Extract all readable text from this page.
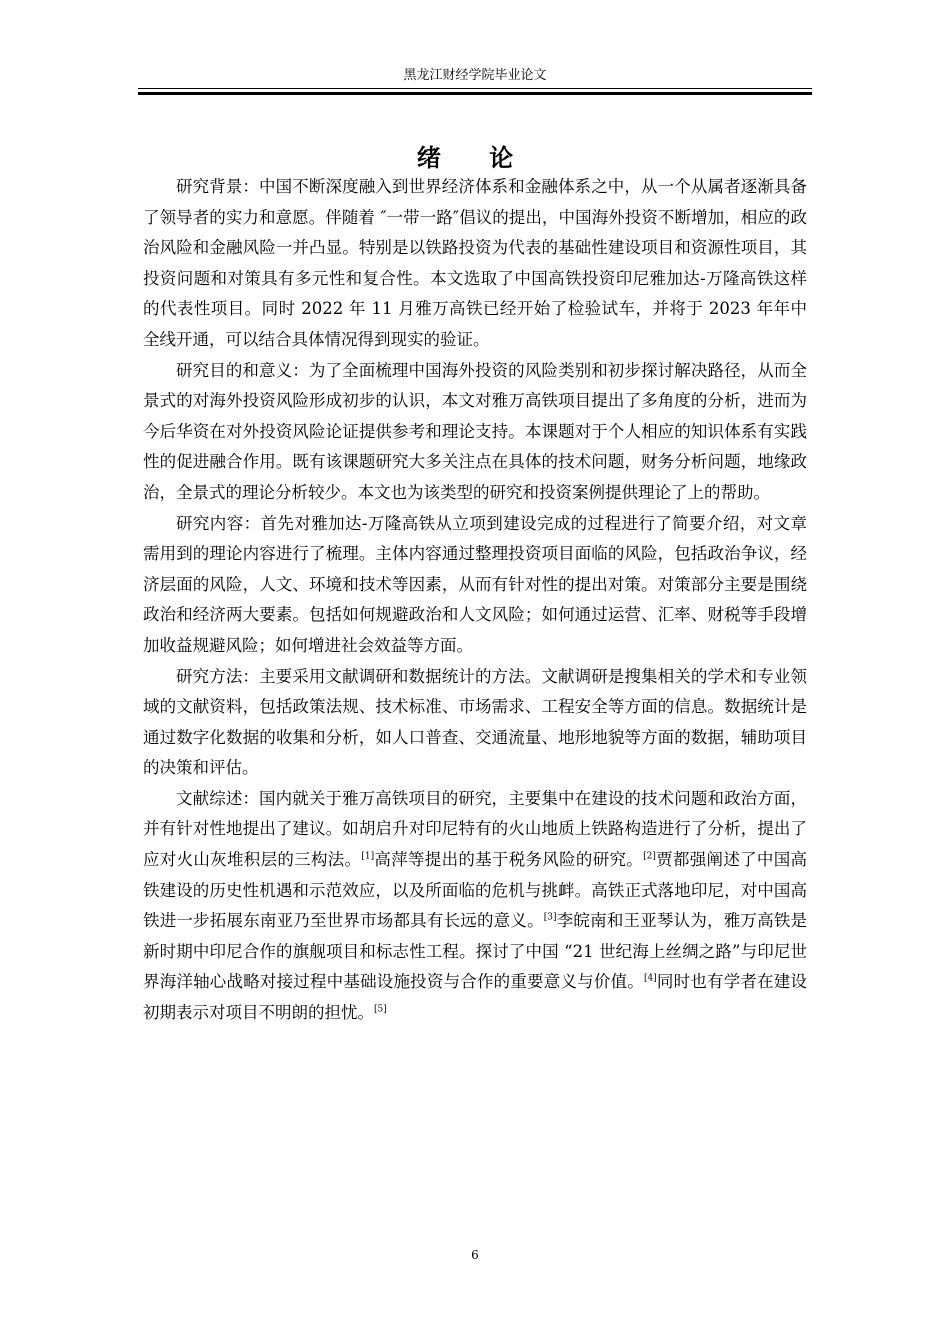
黑龙江财经学院毕业论文
绪 论

研究背景：中国不断深度融入到世界经济体系和金融体系之中，从一个从属者逐渐具备了领导者的实力和意愿。伴随着 ″一带一路″倡议的提出，中国海外投资不断增加，相应的政治风险和金融风险一并凸显。特别是以铁路投资为代表的基础性建设项目和资源性项目，其投资问题和对策具有多元性和复合性。本文选取了中国高铁投资印尼雅加达-万隆高铁这样的代表性项目。同时 2022 年 11 月雅万高铁已经开始了检验试车，并将于 2023 年年中全线开通，可以结合具体情况得到现实的验证。

研究目的和意义：为了全面梳理中国海外投资的风险类别和初步探讨解决路径，从而全景式的对海外投资风险形成初步的认识，本文对雅万高铁项目提出了多角度的分析，进而为今后华资在对外投资风险论证提供参考和理论支持。本课题对于个人相应的知识体系有实践性的促进融合作用。既有该课题研究大多关注点在具体的技术问题，财务分析问题，地缘政治，全景式的理论分析较少。本文也为该类型的研究和投资案例提供理论了上的帮助。

研究内容：首先对雅加达-万隆高铁从立项到建设完成的过程进行了简要介绍，对文章需用到的理论内容进行了梳理。主体内容通过整理投资项目面临的风险，包括政治争议，经济层面的风险，人文、环境和技术等因素，从而有针对性的提出对策。对策部分主要是围绕政治和经济两大要素。包括如何规避政治和人文风险；如何通过运营、汇率、财税等手段增加收益规避风险；如何增进社会效益等方面。

研究方法：主要采用文献调研和数据统计的方法。文献调研是搜集相关的学术和专业领域的文献资料，包括政策法规、技术标准、市场需求、工程安全等方面的信息。数据统计是通过数字化数据的收集和分析，如人口普查、交通流量、地形地貌等方面的数据，辅助项目的决策和评估。

文献综述：国内就关于雅万高铁项目的研究，主要集中在建设的技术问题和政治方面，并有针对性地提出了建议。如胡启升对印尼特有的火山地质上铁路构造进行了分析，提出了应对火山灰堆积层的三构法。[1]高萍等提出的基于税务风险的研究。[2]贾都强阐述了中国高铁建设的历史性机遇和示范效应，以及所面临的危机与挑衅。高铁正式落地印尼，对中国高铁进一步拓展东南亚乃至世界市场都具有长远的意义。[3]李皖南和王亚琴认为，雅万高铁是新时期中印尼合作的旗舰项目和标志性工程。探讨了中国 “21 世纪海上丝绸之路”与印尼世界海洋轴心战略对接过程中基础设施投资与合作的重要意义与价值。[4]同时也有学者在建设初期表示对项目不明朗的担忧。[5]

6
